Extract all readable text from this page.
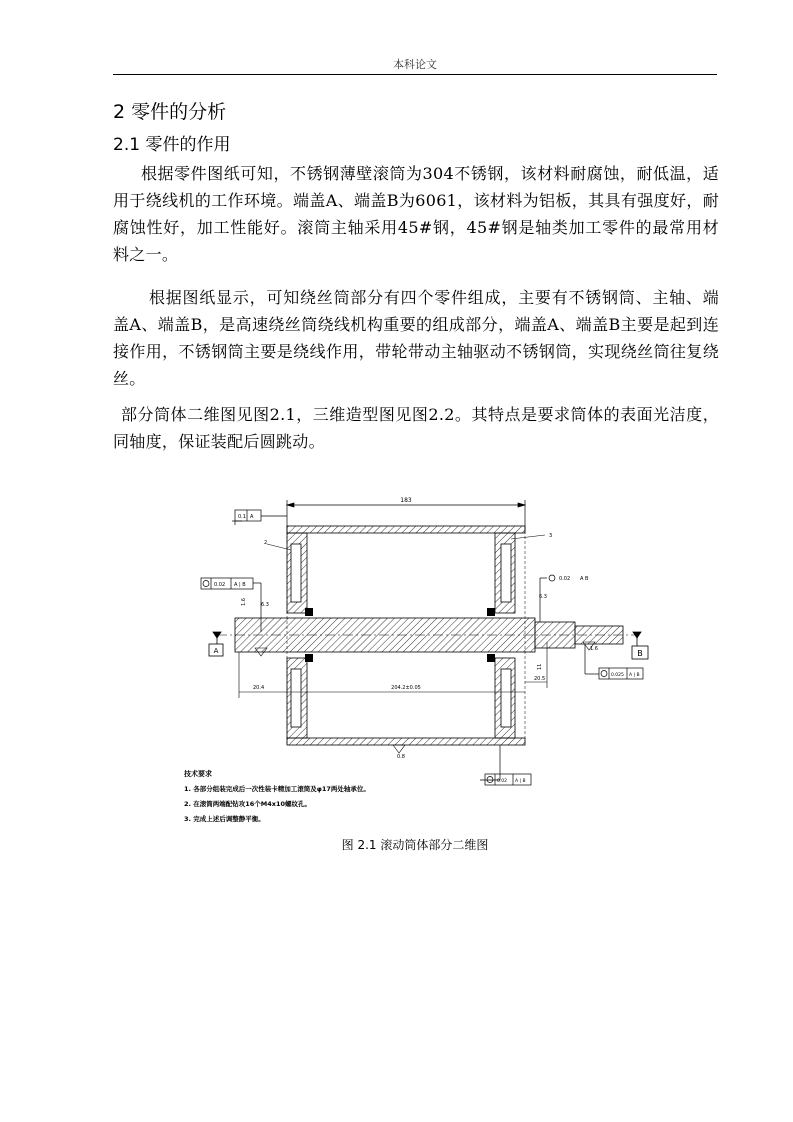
本科论文
2 零件的分析
2.1 零件的作用
根据零件图纸可知，不锈钢薄壁滚筒为304不锈钢，该材料耐腐蚀，耐低温，适用于绕线机的工作环境。端盖A、端盖B为6061，该材料为铝板，其具有强度好，耐腐蚀性好，加工性能好。滚筒主轴采用45#钢，45#钢是轴类加工零件的最常用材料之一。
根据图纸显示，可知绕丝筒部分有四个零件组成，主要有不锈钢筒、主轴、端盖A、端盖B，是高速绕丝筒绕线机构重要的组成部分，端盖A、端盖B主要是起到连接作用，不锈钢筒主要是绕线作用，带轮带动主轴驱动不锈钢筒，实现绕丝筒往复绕丝。
部分筒体二维图见图2.1，三维造型图见图2.2。其特点是要求筒体的表面光洁度，同轴度，保证装配后圆跳动。
183
0.1 A
2
3
0.02 A | B
1.6	6.3
A
0.02 A B
6.3
11
1.6	B
0.025 A | B
20.4	204.2±0.05
20.5
0.8
0.02 A | B
技术要求
1. 各部分组装完成后一次性装卡精加工滚筒及φ17两处轴承位。
2. 在滚筒两端配钻攻16个M4x10螺纹孔。
3. 完成上述后调整静平衡。
图 2.1 滚动筒体部分二维图
